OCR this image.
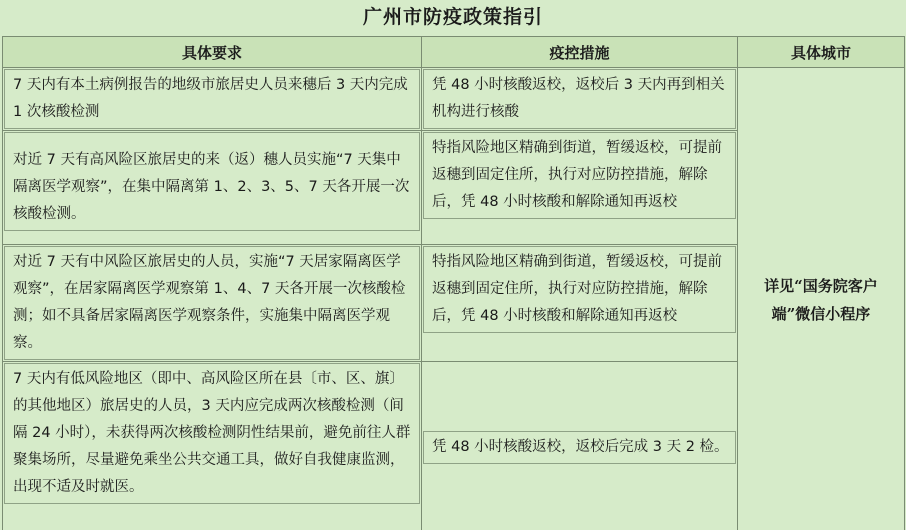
广州市防疫政策指引
具体要求	疫控措施	具体城市

7 天内有本土病例报告的地级市旅居史人员来穗后 3 天内完成 1 次核酸检测	凭 48 小时核酸返校，返校后 3 天内再到相关机构进行核酸	详见“国务院客户端”微信小程序

对近 7 天有高风险区旅居史的来（返）穗人员实施“7 天集中隔离医学观察”，在集中隔离第 1、2、3、5、7 天各开展一次核酸检测。	特指风险地区精确到街道，暂缓返校，可提前返穗到固定住所，执行对应防控措施，解除后，凭 48 小时核酸和解除通知再返校	

对近 7 天有中风险区旅居史的人员，实施“7 天居家隔离医学观察”，在居家隔离医学观察第 1、4、7 天各开展一次核酸检测；如不具备居家隔离医学观察条件，实施集中隔离医学观察。	特指风险地区精确到街道，暂缓返校，可提前返穗到固定住所，执行对应防控措施，解除后，凭 48 小时核酸和解除通知再返校	

7 天内有低风险地区（即中、高风险区所在县〔市、区、旗〕的其他地区）旅居史的人员，3 天内应完成两次核酸检测（间隔 24 小时），未获得两次核酸检测阴性结果前，避免前往人群聚集场所，尽量避免乘坐公共交通工具，做好自我健康监测，出现不适及时就医。	凭 48 小时核酸返校，返校后完成 3 天 2 检。	
